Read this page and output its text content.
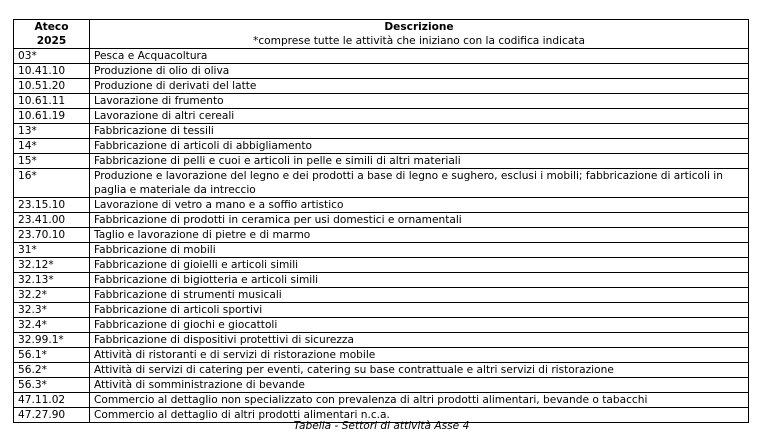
Ateco
2025	Descrizione
*comprese tutte le attività che iniziano con la codifica indicata

03*	Pesca e Acquacoltura
10.41.10	Produzione di olio di oliva
10.51.20	Produzione di derivati del latte
10.61.11	Lavorazione di frumento
10.61.19	Lavorazione di altri cereali
13*	Fabbricazione di tessili
14*	Fabbricazione di articoli di abbigliamento
15*	Fabbricazione di pelli e cuoi e articoli in pelle e simili di altri materiali
16*	Produzione e lavorazione del legno e dei prodotti a base di legno e sughero, esclusi i mobili; fabbricazione di articoli in paglia e materiale da intreccio
23.15.10	Lavorazione di vetro a mano e a soffio artistico
23.41.00	Fabbricazione di prodotti in ceramica per usi domestici e ornamentali
23.70.10	Taglio e lavorazione di pietre e di marmo
31*	Fabbricazione di mobili
32.12*	Fabbricazione di gioielli e articoli simili
32.13*	Fabbricazione di bigiotteria e articoli simili
32.2*	Fabbricazione di strumenti musicali
32.3*	Fabbricazione di articoli sportivi
32.4*	Fabbricazione di giochi e giocattoli
32.99.1*	Fabbricazione di dispositivi protettivi di sicurezza
56.1*	Attività di ristoranti e di servizi di ristorazione mobile
56.2*	Attività di servizi di catering per eventi, catering su base contrattuale e altri servizi di ristorazione
56.3*	Attività di somministrazione di bevande
47.11.02	Commercio al dettaglio non specializzato con prevalenza di altri prodotti alimentari, bevande o tabacchi
47.27.90	Commercio al dettaglio di altri prodotti alimentari n.c.a.
Tabella - Settori di attività Asse 4
